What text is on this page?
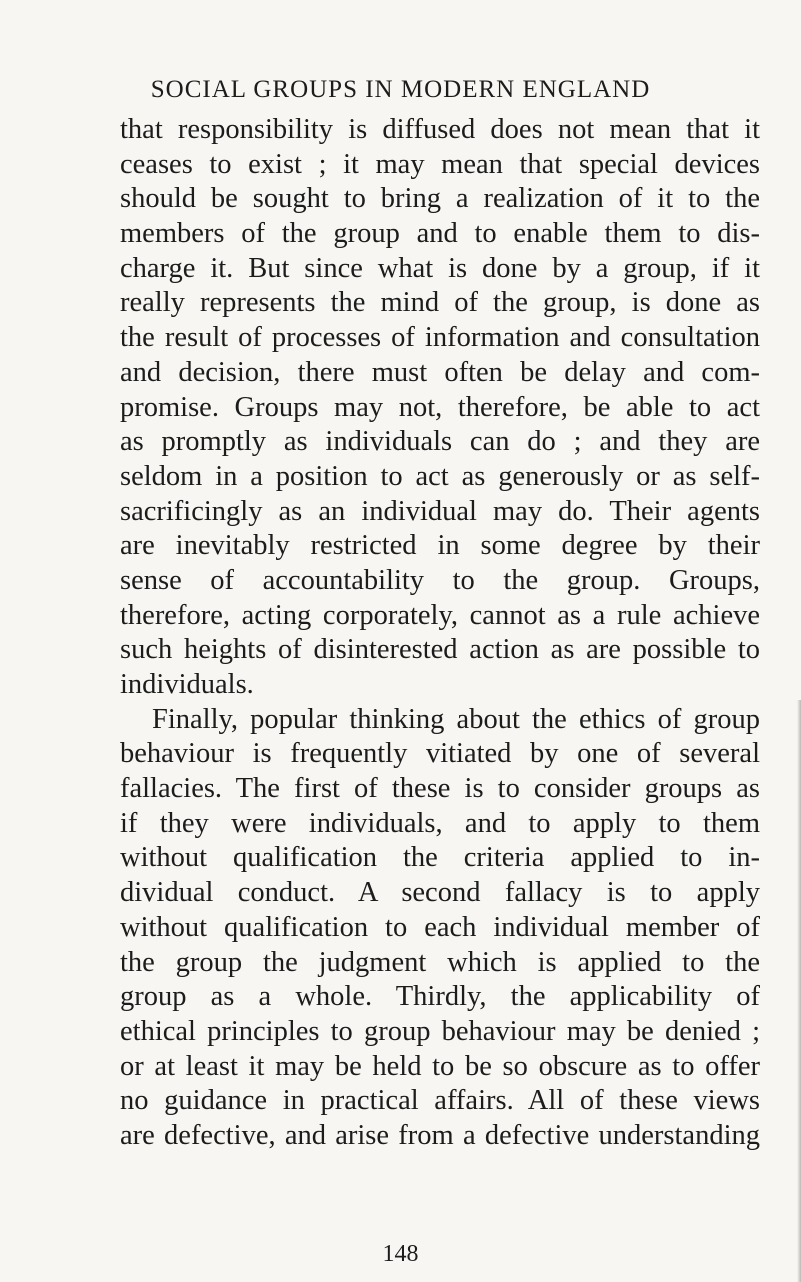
SOCIAL GROUPS IN MODERN ENGLAND
that responsibility is diffused does not mean that it
ceases to exist ; it may mean that special devices
should be sought to bring a realization of it to the
members of the group and to enable them to dis-
charge it. But since what is done by a group, if it
really represents the mind of the group, is done as
the result of processes of information and consultation
and decision, there must often be delay and com-
promise. Groups may not, therefore, be able to act
as promptly as individuals can do ; and they are
seldom in a position to act as generously or as self-
sacrificingly as an individual may do. Their agents
are inevitably restricted in some degree by their
sense of accountability to the group. Groups,
therefore, acting corporately, cannot as a rule achieve
such heights of disinterested action as are possible to
individuals.
Finally, popular thinking about the ethics of group
behaviour is frequently vitiated by one of several
fallacies. The first of these is to consider groups as
if they were individuals, and to apply to them
without qualification the criteria applied to in-
dividual conduct. A second fallacy is to apply
without qualification to each individual member of
the group the judgment which is applied to the
group as a whole. Thirdly, the applicability of
ethical principles to group behaviour may be denied ;
or at least it may be held to be so obscure as to offer
no guidance in practical affairs. All of these views
are defective, and arise from a defective understanding
148
